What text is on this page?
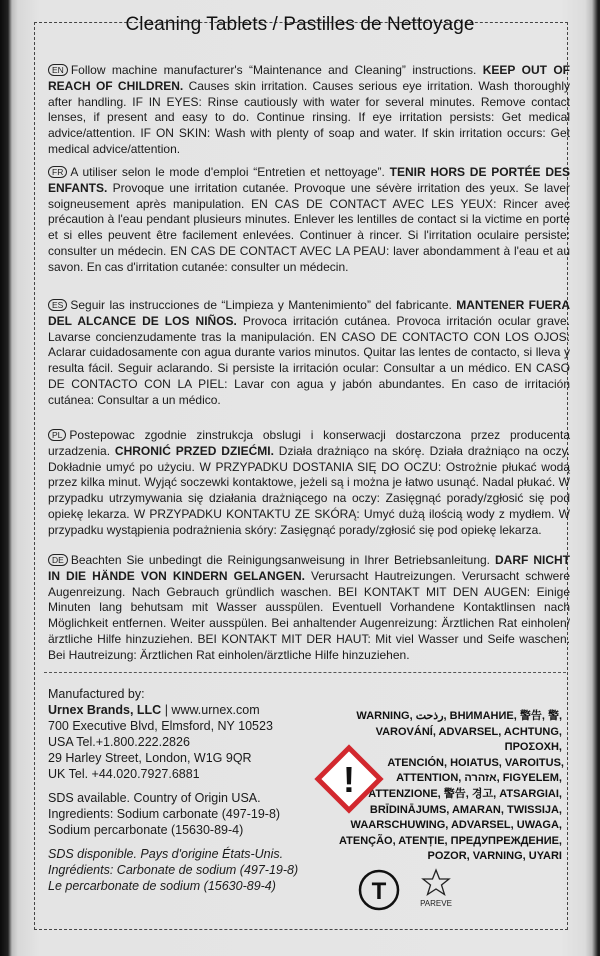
Cleaning Tablets / Pastilles de Nettoyage
EN Follow machine manufacturer's “Maintenance and Cleaning” instructions. KEEP OUT OF REACH OF CHILDREN. Causes skin irritation. Causes serious eye irritation. Wash thoroughly after handling. IF IN EYES: Rinse cautiously with water for several minutes. Remove contact lenses, if present and easy to do. Continue rinsing. If eye irritation persists: Get medical advice/attention. IF ON SKIN: Wash with plenty of soap and water. If skin irritation occurs: Get medical advice/attention.
FR A utiliser selon le mode d'emploi “Entretien et nettoyage”. TENIR HORS DE PORTÉE DES ENFANTS. Provoque une irritation cutanée. Provoque une sévère irritation des yeux. Se laver soigneusement après manipulation. EN CAS DE CONTACT AVEC LES YEUX: Rincer avec précaution à l'eau pendant plusieurs minutes. Enlever les lentilles de contact si la victime en porte et si elles peuvent être facilement enlevées. Continuer à rincer. Si l'irritation oculaire persiste: consulter un médecin. EN CAS DE CONTACT AVEC LA PEAU: laver abondamment à l'eau et au savon. En cas d'irritation cutanée: consulter un médecin.
ES Seguir las instrucciones de “Limpieza y Mantenimiento” del fabricante. MANTENER FUERA DEL ALCANCE DE LOS NIÑOS. Provoca irritación cutánea. Provoca irritación ocular grave. Lavarse concienzudamente tras la manipulación. EN CASO DE CONTACTO CON LOS OJOS: Aclarar cuidadosamente con agua durante varios minutos. Quitar las lentes de contacto, si lleva y resulta fácil. Seguir aclarando. Si persiste la irritación ocular: Consultar a un médico. EN CASO DE CONTACTO CON LA PIEL: Lavar con agua y jabón abundantes. En caso de irritación cutánea: Consultar a un médico.
PL Postepowac zgodnie zinstrukcja obslugi i konserwacji dostarczona przez producenta urzadzenia. CHRONIĆ PRZED DZIEĆMI. Działa drażniąco na skórę. Działa drażniąco na oczy. Dokładnie umyć po użyciu. W PRZYPADKU DOSTANIA SIĘ DO OCZU: Ostrożnie płukać wodą przez kilka minut. Wyjąć soczewki kontaktowe, jeżeli są i można je łatwo usunąć. Nadal płukać. W przypadku utrzymywania się działania drażniącego na oczy: Zasięgnąć porady/zgłosić się pod opiekę lekarza. W PRZYPADKU KONTAKTU ZE SKÓRĄ: Umyć dużą ilością wody z mydłem. W przypadku wystąpienia podrażnienia skóry: Zasięgnąć porady/zgłosić się pod opiekę lekarza.
DE Beachten Sie unbedingt die Reinigungsanweisung in Ihrer Betriebsanleitung. DARF NICHT IN DIE HÄNDE VON KINDERN GELANGEN. Verursacht Hautreizungen. Verursacht schwere Augenreizung. Nach Gebrauch gründlich waschen. BEI KONTAKT MIT DEN AUGEN: Einige Minuten lang behutsam mit Wasser ausspülen. Eventuell Vorhandene Kontaktlinsen nach Möglichkeit entfernen. Weiter ausspülen. Bei anhaltender Augenreizung: Ärztlichen Rat einholen/ärztliche Hilfe hinzuziehen. BEI KONTAKT MIT DER HAUT: Mit viel Wasser und Seife waschen. Bei Hautreizung: Ärztlichen Rat einholen/ärztliche Hilfe hinzuziehen.
Manufactured by:
Urnex Brands, LLC | www.urnex.com
700 Executive Blvd, Elmsford, NY 10523
USA Tel.+1.800.222.2826
29 Harley Street, London, W1G 9QR
UK Tel. +44.020.7927.6881
SDS available. Country of Origin USA.
Ingredients: Sodium carbonate (497-19-8)
Sodium percarbonate (15630-89-4)
SDS disponible. Pays d'origine États-Unis.
Ingrédients: Carbonate de sodium (497-19-8)
Le percarbonate de sodium (15630-89-4)
WARNING, رذحت, ВНИМАНИЕ, 警告, 警,
VAROVÁNÍ, ADVARSEL, ACHTUNG, ΠΡΟΣΟΧΗ,
ATENCIÓN, HOIATUS, VAROITUS,
ATTENTION, אזהרה, FIGYELEM,
ATTENZIONE, 警告, 경고, ATSARGIAI,
BRĪDINĀJUMS, AMARAN, TWISSIJA,
WAARSCHUWING, ADVARSEL, UWAGA,
ATENÇÃO, ATENȚIE, ПРЕДУПРЕЖДЕНИЕ,
POZOR, VARNING, UYARI
!
T	PAREVE
